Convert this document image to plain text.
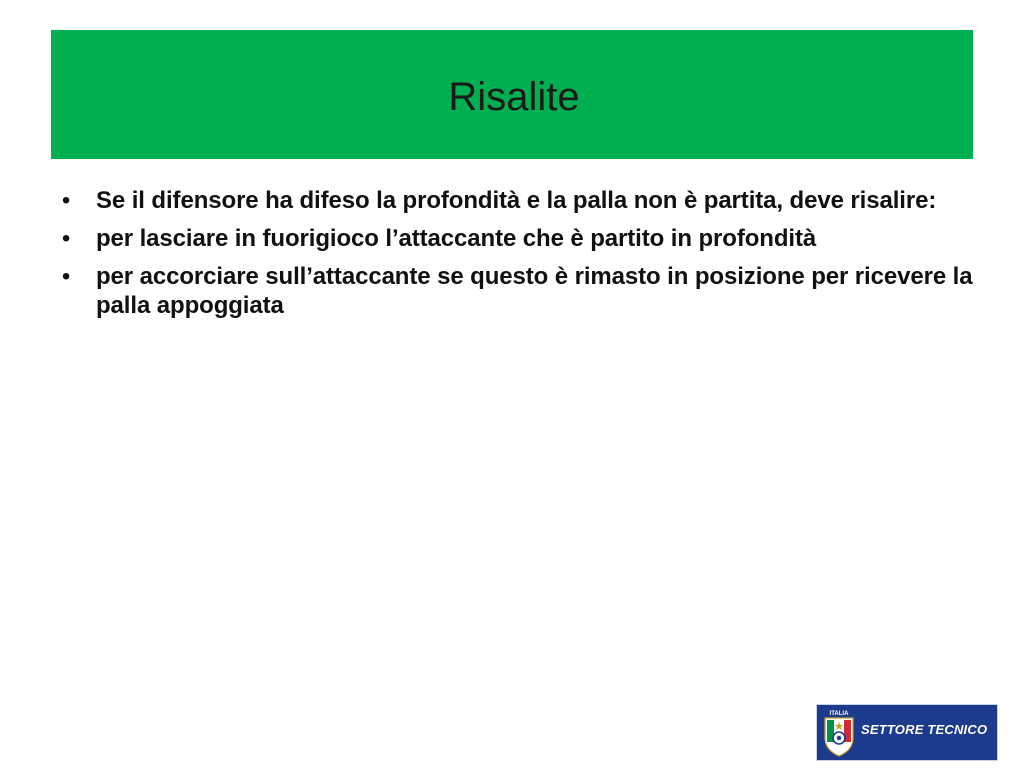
Risalite
• Se il difensore ha difeso la profondità e la palla non è partita, deve risalire:
• per lasciare in fuorigioco l’attaccante che è partito in profondità
• per accorciare sull’attaccante se questo è rimasto in posizione per ricevere la palla appoggiata
ITALIA
SETTORE TECNICO
